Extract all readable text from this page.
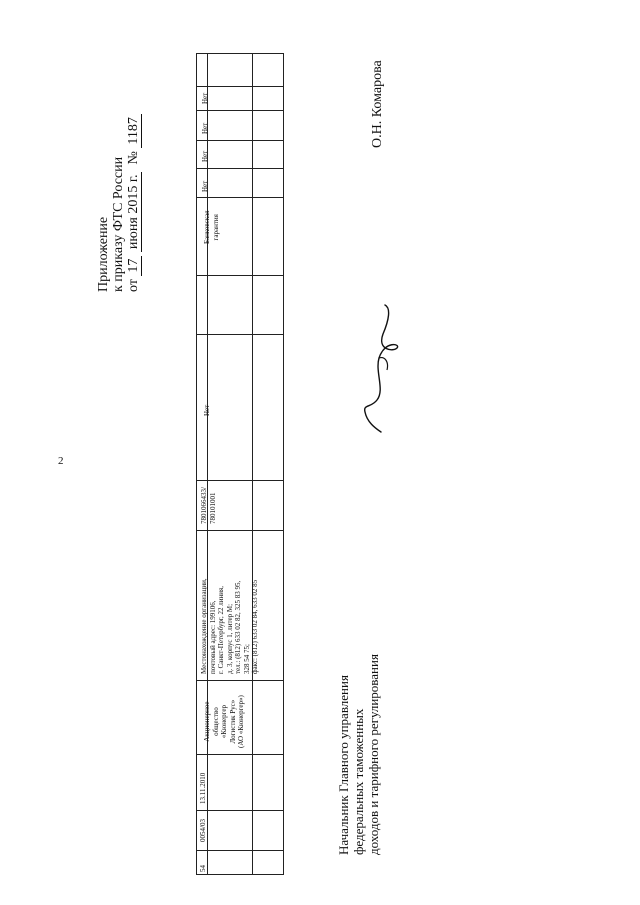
2
Приложение к приказу ФТС России от 17 июня 2015 г.  № 1187
54
0054/03
13.11.2010
Акционерное общество «Кюнергер Логистик Рус» (АО «Кюнергер»)
Местонахождение организации, почтовый адрес: 199106, г. Санкт-Петербург, 22 линия, д. 3, корпус 1, литер М; тел.: (812) 633 02 82, 325 83 95, 328 54 75; факс: (812) 633 02 84, 633 02 85
7801066433/ 780101001
Нет
Банковская гарантия
Нет
Нет
Нет
Нет
Начальник Главного управления федеральных таможенных доходов и тарифного регулирования
О.Н. Комарова
